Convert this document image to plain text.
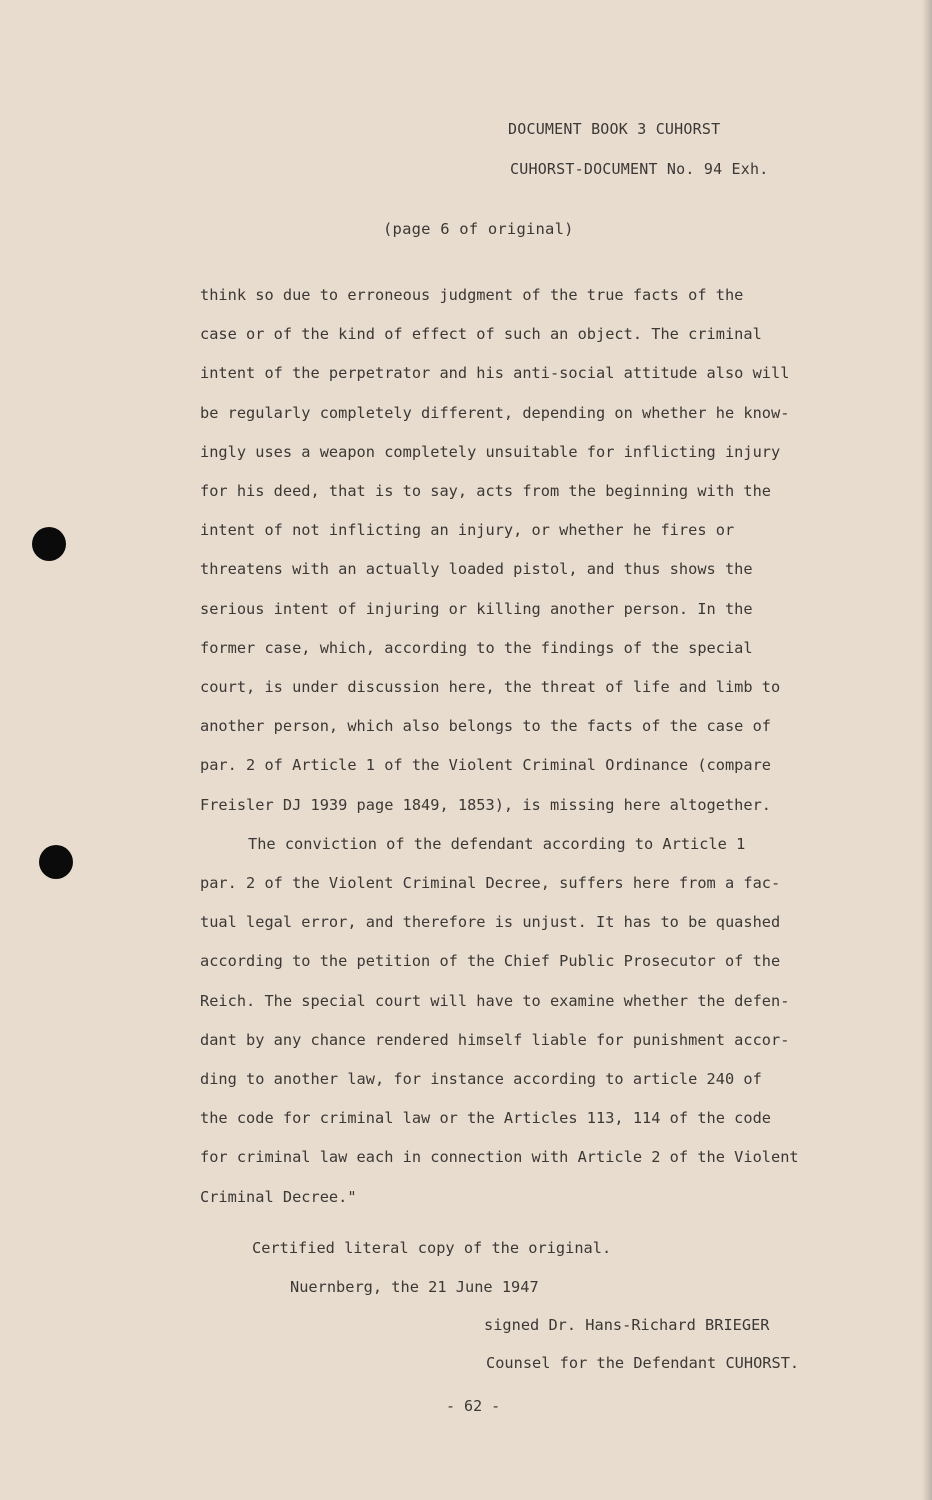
DOCUMENT BOOK 3 CUHORST
CUHORST-DOCUMENT No. 94 Exh.
(page 6 of original)
think so due to erroneous judgment of the true facts of the
case or of the kind of effect of such an object. The criminal
intent of the perpetrator and his anti-social attitude also will
be regularly completely different, depending on whether he know-
ingly uses a weapon completely unsuitable for inflicting injury
for his deed, that is to say, acts from the beginning with the
intent of not inflicting an injury, or whether he fires or
threatens with an actually loaded pistol, and thus shows the
serious intent of injuring or killing another person. In the
former case, which, according to the findings of the special
court, is under discussion here, the threat of life and limb to
another person, which also belongs to the facts of the case of
par. 2 of Article 1 of the Violent Criminal Ordinance (compare
Freisler DJ 1939 page 1849, 1853), is missing here altogether.
The conviction of the defendant according to Article 1
par. 2 of the Violent Criminal Decree, suffers here from a fac-
tual legal error, and therefore is unjust. It has to be quashed
according to the petition of the Chief Public Prosecutor of the
Reich. The special court will have to examine whether the defen-
dant by any chance rendered himself liable for punishment accor-
ding to another law, for instance according to article 240 of
the code for criminal law or the Articles 113, 114 of the code
for criminal law each in connection with Article 2 of the Violent
Criminal Decree."
Certified literal copy of the original.
Nuernberg, the 21 June 1947
signed Dr. Hans-Richard BRIEGER
Counsel for the Defendant CUHORST.
- 62 -
